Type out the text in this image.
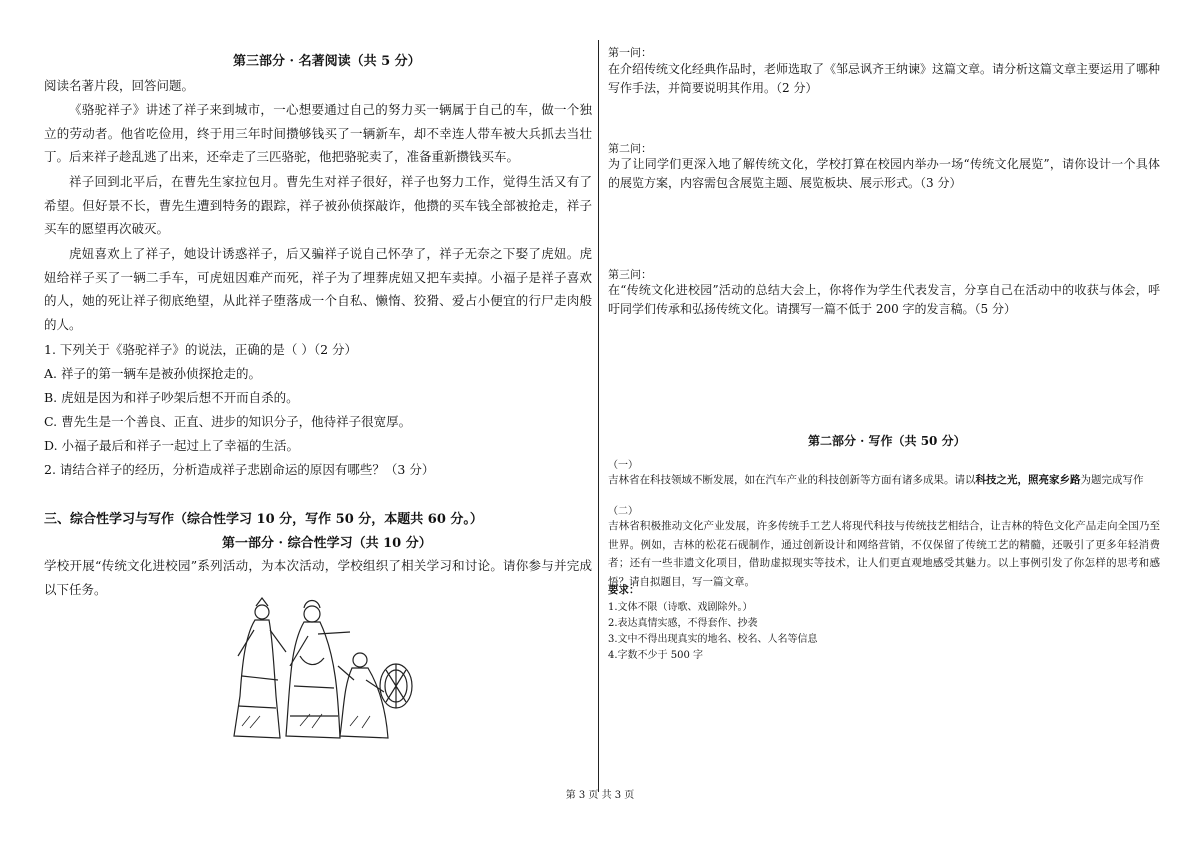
第三部分 · 名著阅读（共 5 分）
阅读名著片段，回答问题。
《骆驼祥子》讲述了祥子来到城市，一心想要通过自己的努力买一辆属于自己的车，做一个独立的劳动者。他省吃俭用，终于用三年时间攒够钱买了一辆新车，却不幸连人带车被大兵抓去当壮丁。后来祥子趁乱逃了出来，还牵走了三匹骆驼，他把骆驼卖了，准备重新攒钱买车。
祥子回到北平后，在曹先生家拉包月。曹先生对祥子很好，祥子也努力工作，觉得生活又有了希望。但好景不长，曹先生遭到特务的跟踪，祥子被孙侦探敲诈，他攒的买车钱全部被抢走，祥子买车的愿望再次破灭。
虎妞喜欢上了祥子，她设计诱惑祥子，后又骗祥子说自己怀孕了，祥子无奈之下娶了虎妞。虎妞给祥子买了一辆二手车，可虎妞因难产而死，祥子为了埋葬虎妞又把车卖掉。小福子是祥子喜欢的人，她的死让祥子彻底绝望，从此祥子堕落成一个自私、懒惰、狡猾、爱占小便宜的行尸走肉般的人。
1. 下列关于《骆驼祥子》的说法，正确的是（ ）（2 分）
A. 祥子的第一辆车是被孙侦探抢走的。
B. 虎妞是因为和祥子吵架后想不开而自杀的。
C. 曹先生是一个善良、正直、进步的知识分子，他待祥子很宽厚。
D. 小福子最后和祥子一起过上了幸福的生活。
2. 请结合祥子的经历，分析造成祥子悲剧命运的原因有哪些？（3 分）
三、综合性学习与写作（综合性学习 10 分，写作 50 分，本题共 60 分。）
第一部分 · 综合性学习（共 10 分）
学校开展“传统文化进校园”系列活动，为本次活动，学校组织了相关学习和讨论。请你参与并完成以下任务。
第一问：
在介绍传统文化经典作品时，老师选取了《邹忌讽齐王纳谏》这篇文章。请分析这篇文章主要运用了哪种写作手法，并简要说明其作用。（2 分）
第二问：
为了让同学们更深入地了解传统文化，学校打算在校园内举办一场“传统文化展览”，请你设计一个具体的展览方案，内容需包含展览主题、展览板块、展示形式。（3 分）
第三问：
在“传统文化进校园”活动的总结大会上，你将作为学生代表发言，分享自己在活动中的收获与体会，呼吁同学们传承和弘扬传统文化。请撰写一篇不低于 200 字的发言稿。（5 分）
第二部分 · 写作（共 50 分）
（一）
吉林省在科技领域不断发展，如在汽车产业的科技创新等方面有诸多成果。请以科技之光，照亮家乡路为题完成写作
（二）
吉林省积极推动文化产业发展，许多传统手工艺人将现代科技与传统技艺相结合，让吉林的特色文化产品走向全国乃至世界。例如，吉林的松花石砚制作，通过创新设计和网络营销，不仅保留了传统工艺的精髓，还吸引了更多年轻消费者；还有一些非遗文化项目，借助虚拟现实等技术，让人们更直观地感受其魅力。以上事例引发了你怎样的思考和感悟？请自拟题目，写一篇文章。
要求：
1.文体不限（诗歌、戏剧除外。）
2.表达真情实感，不得套作、抄袭
3.文中不得出现真实的地名、校名、人名等信息
4.字数不少于 500 字
第 3 页 共 3 页
